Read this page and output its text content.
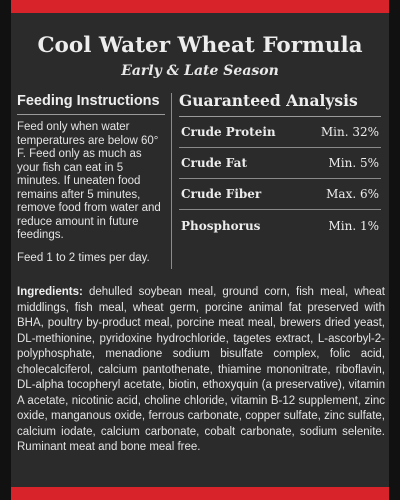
Cool Water Wheat Formula
Early & Late Season
Feeding Instructions

Feed only when water temperatures are below 60° F. Feed only as much as your fish can eat in 5 minutes. If uneaten food remains after 5 minutes, remove food from water and reduce amount in future feedings.

Feed 1 to 2 times per day.

Guaranteed Analysis
Crude Protein	Min. 32%
Crude Fat	Min. 5%
Crude Fiber	Max. 6%
Phosphorus	Min. 1%
Ingredients: dehulled soybean meal, ground corn, fish meal, wheat middlings, fish meal, wheat germ, porcine animal fat preserved with BHA, poultry by-product meal, porcine meat meal, brewers dried yeast, DL-methionine, pyridoxine hydrochloride, tagetes extract, L-ascorbyl-2-polyphosphate, menadione sodium bisulfate complex, folic acid, cholecalciferol, calcium pantothenate, thiamine mononitrate, riboflavin, DL-alpha tocopheryl acetate, biotin, ethoxyquin (a preservative), vitamin A acetate, nicotinic acid, choline chloride, vitamin B-12 supplement, zinc oxide, manganous oxide, ferrous carbonate, copper sulfate, zinc sulfate, calcium iodate, calcium carbonate, cobalt carbonate, sodium selenite. Ruminant meat and bone meal free.
